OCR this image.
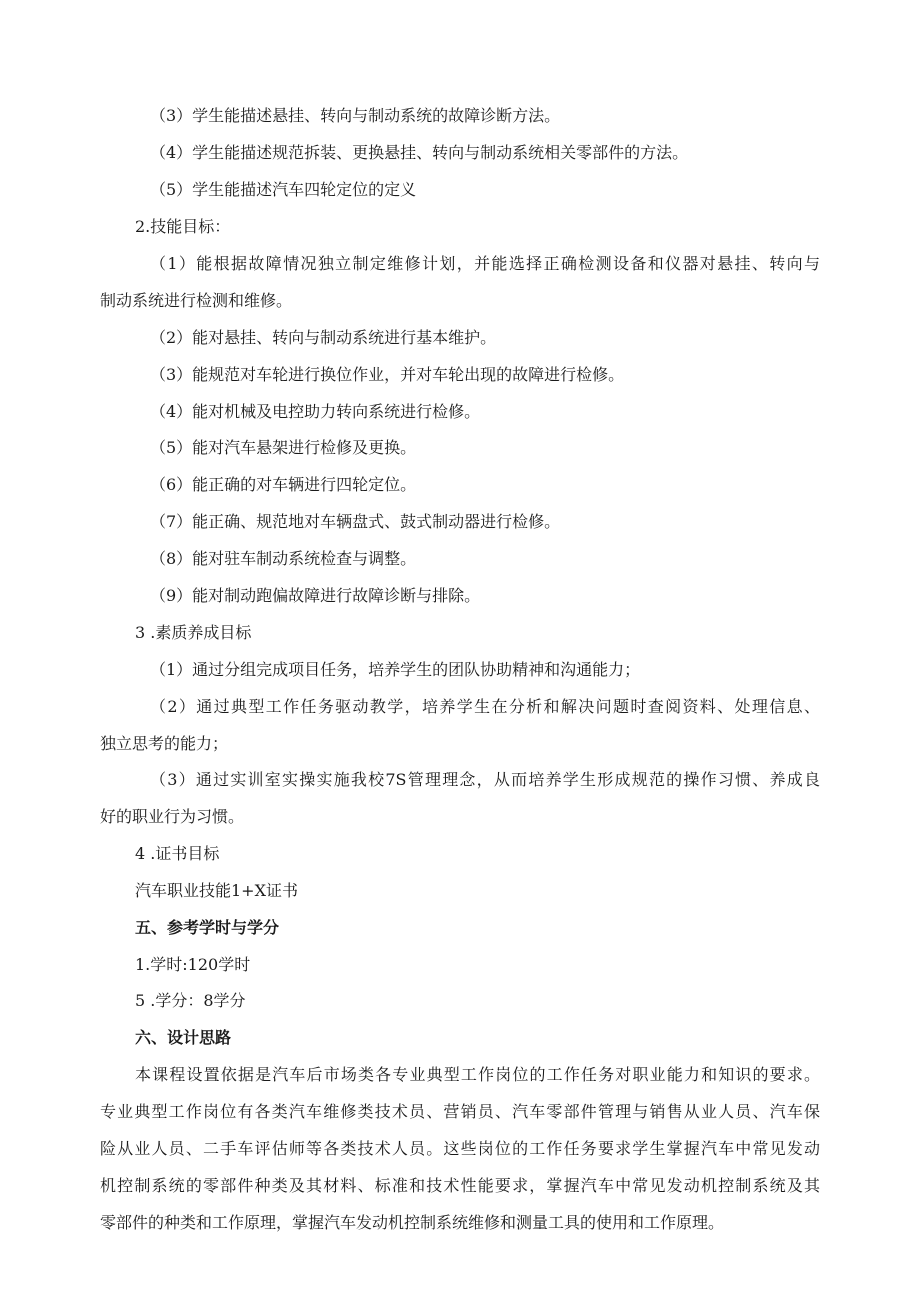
（3）学生能描述悬挂、转向与制动系统的故障诊断方法。
（4）学生能描述规范拆装、更换悬挂、转向与制动系统相关零部件的方法。
（5）学生能描述汽车四轮定位的定义
2.技能目标：
（1）能根据故障情况独立制定维修计划，并能选择正确检测设备和仪器对悬挂、转向与
制动系统进行检测和维修。
（2）能对悬挂、转向与制动系统进行基本维护。
（3）能规范对车轮进行换位作业，并对车轮出现的故障进行检修。
（4）能对机械及电控助力转向系统进行检修。
（5）能对汽车悬架进行检修及更换。
（6）能正确的对车辆进行四轮定位。
（7）能正确、规范地对车辆盘式、鼓式制动器进行检修。
（8）能对驻车制动系统检查与调整。
（9）能对制动跑偏故障进行故障诊断与排除。
3 .素质养成目标
（1）通过分组完成项目任务，培养学生的团队协助精神和沟通能力；
（2）通过典型工作任务驱动教学，培养学生在分析和解决问题时查阅资料、处理信息、
独立思考的能力；
（3）通过实训室实操实施我校7S管理理念，从而培养学生形成规范的操作习惯、养成良
好的职业行为习惯。
4 .证书目标
汽车职业技能1+X证书
五、参考学时与学分
1.学时:120学时
5 .学分：8学分
六、设计思路
本课程设置依据是汽车后市场类各专业典型工作岗位的工作任务对职业能力和知识的要求。
专业典型工作岗位有各类汽车维修类技术员、营销员、汽车零部件管理与销售从业人员、汽车保
险从业人员、二手车评估师等各类技术人员。这些岗位的工作任务要求学生掌握汽车中常见发动
机控制系统的零部件种类及其材料、标准和技术性能要求，掌握汽车中常见发动机控制系统及其
零部件的种类和工作原理，掌握汽车发动机控制系统维修和测量工具的使用和工作原理。
